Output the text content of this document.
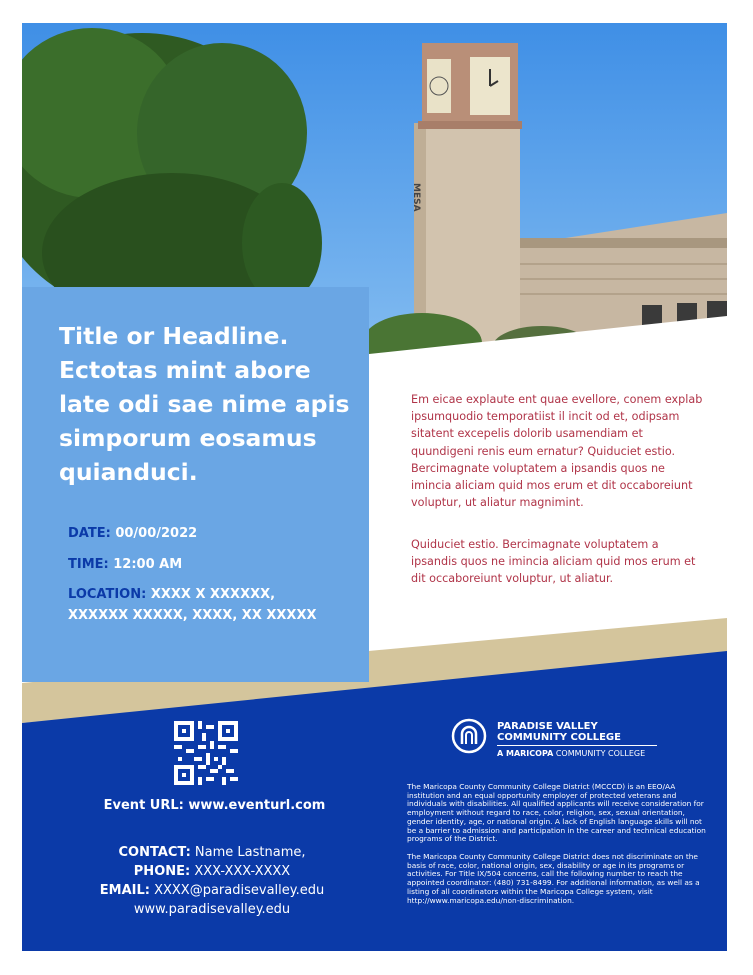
MESA
Title or Headline. Ectotas mint abore late odi sae nime apis simporum eosamus quianduci.
DATE: 00/00/2022
TIME: 12:00 AM
LOCATION: XXXX X XXXXXX,
XXXXXX XXXXX, XXXX, XX XXXXX

Em eicae explaute ent quae evellore, conem explab ipsumquodio temporatiist il incit od et, odipsam sitatent excepelis dolorib usamendiam et quundigeni renis eum ernatur? Quiduciet estio. Bercimagnate voluptatem a ipsandis quos ne imincia aliciam quid mos erum et dit occaboreiunt voluptur, ut aliatur magnimint.

Quiduciet estio. Bercimagnate voluptatem a ipsandis quos ne imincia aliciam quid mos erum et dit occaboreiunt voluptur, ut aliatur.

Event URL: www.eventurl.com
CONTACT: Name Lastname,
PHONE: XXX-XXX-XXXX
EMAIL: XXXX@paradisevalley.edu
www.paradisevalley.edu
PARADISE VALLEY
COMMUNITY COLLEGE
A MARICOPA COMMUNITY COLLEGE

The Maricopa County Community College District (MCCCD) is an EEO/AA institution and an equal opportunity employer of protected veterans and individuals with disabilities. All qualified applicants will receive consideration for employment without regard to race, color, religion, sex, sexual orientation, gender identity, age, or national origin. A lack of English language skills will not be a barrier to admission and participation in the career and technical education programs of the District.

The Maricopa County Community College District does not discriminate on the basis of race, color, national origin, sex, disability or age in its programs or activities. For Title IX/504 concerns, call the following number to reach the appointed coordinator: (480) 731-8499. For additional information, as well as a listing of all coordinators within the Maricopa College system, visit http://www.maricopa.edu/non-discrimination.
